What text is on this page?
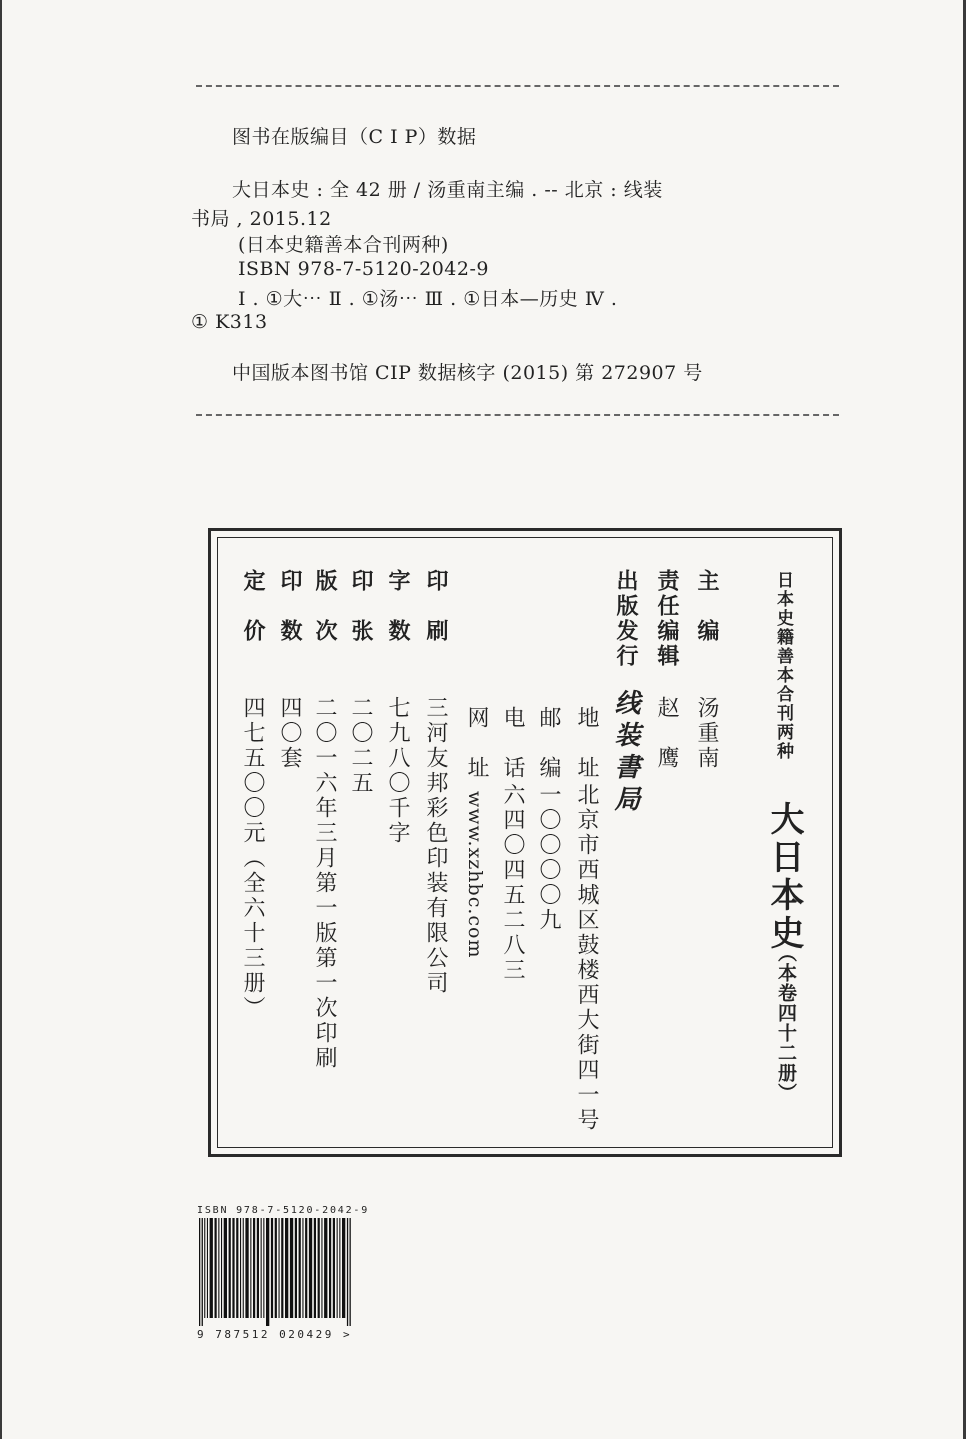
图书在版编目（C I P）数据
大日本史 : 全 42 册 / 汤重南主编 . -- 北京 : 线装
书局 , 2015.12
(日本史籍善本合刊两种)
ISBN 978-7-5120-2042-9
Ⅰ . ①大⋯ Ⅱ . ①汤⋯ Ⅲ . ①日本—历史 Ⅳ .
① K313
中国版本图书馆 CIP 数据核字 (2015) 第 272907 号
日本史籍善本合刊两种
大日本史
（本卷四十二册）
主　编
汤重南
责任编辑
赵　鹰
出版发行
线装書局
地　址
北京市西城区鼓楼西大街四一号
邮　编
一〇〇〇〇九
电　话
六四〇四五二八三
网　址
www.xzhbc.com
印　刷
三河友邦彩色印装有限公司
字　数
七九八〇千字
印　张
二〇二五
版　次
二〇一六年三月第一版第一次印刷
印　数
四〇套
定　价
四七五〇〇元（全六十三册）
ISBN 978-7-5120-2042-9
9 787512 020429 >
